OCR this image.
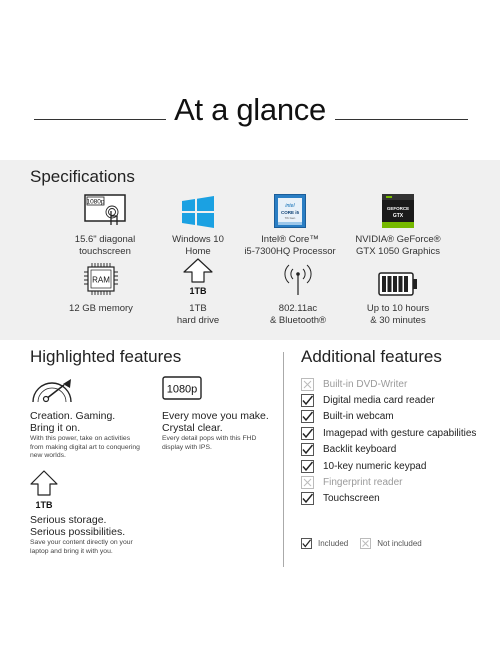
At a glance
Specifications
1080p
15.6" diagonal
touchscreen
Windows 10
Home
intel
CORE i5
7th Gen
Intel® Core™
i5-7300HQ Processor
GEFORCE
GTX
NVIDIA® GeForce®
GTX 1050 Graphics
RAM
12 GB memory
1TB
1TB
hard drive
802.11ac
& Bluetooth®
Up to 10 hours
& 30 minutes
Highlighted features	Additional features
Creation. Gaming.
Bring it on.
With this power, take on activities
from making digital art to conquering
new worlds.
1080p
Every move you make.
Crystal clear.
Every detail pops with this FHD
display with IPS.
1TB
Serious storage.
Serious possibilities.
Save your content directly on your
laptop and bring it with you.
Built-in DVD-Writer
Digital media card reader
Built-in webcam
Imagepad with gesture capabilities
Backlit keyboard
10-key numeric keypad
Fingerprint reader
Touchscreen
Included	Not included
